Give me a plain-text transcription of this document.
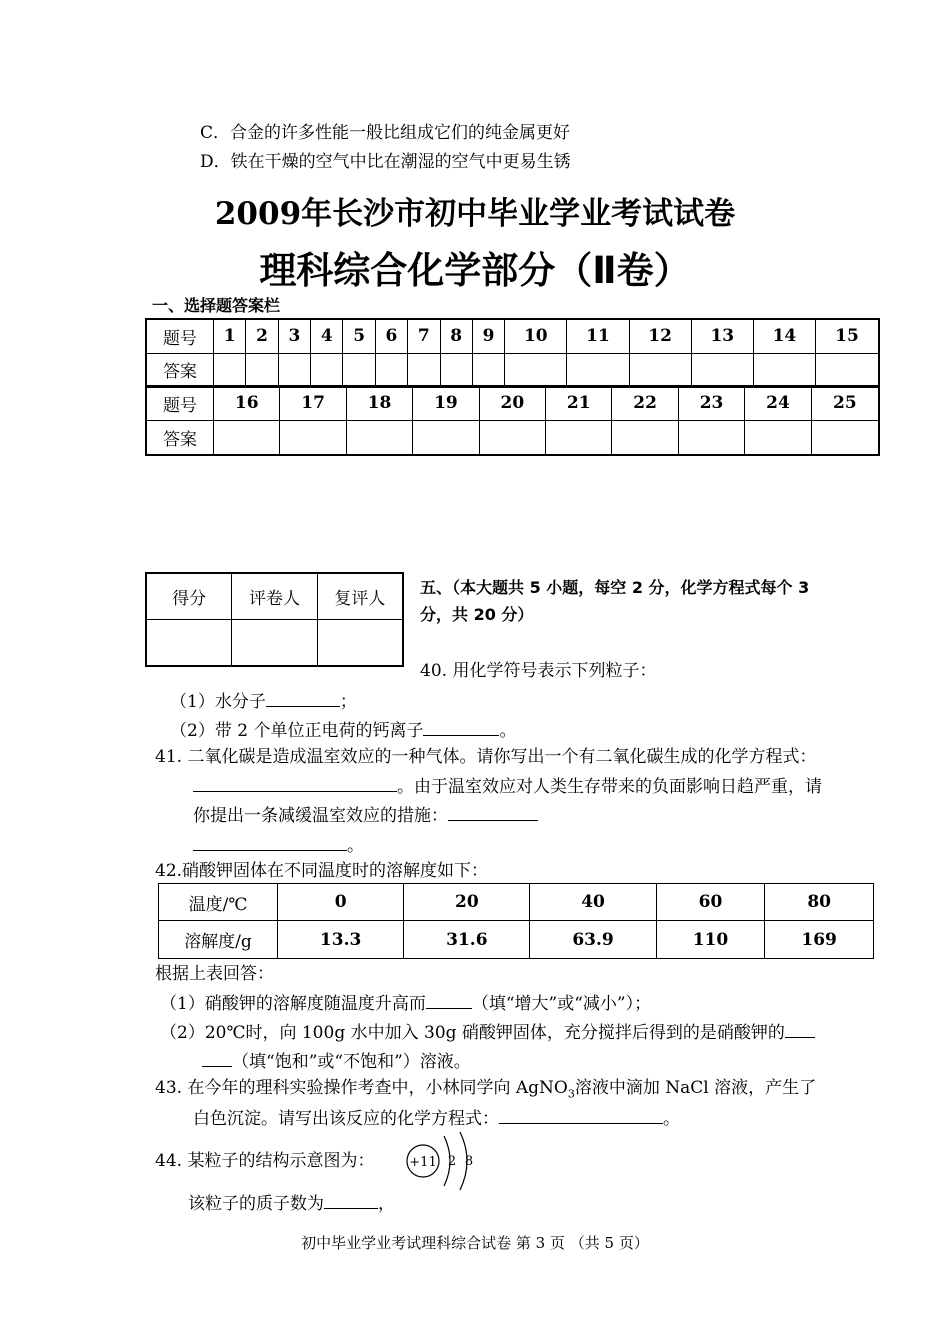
C．合金的许多性能一般比组成它们的纯金属更好
D．铁在干燥的空气中比在潮湿的空气中更易生锈
2009年长沙市初中毕业学业考试试卷
理科综合化学部分（Ⅱ卷）
一、选择题答案栏
题号	1	2	3	4	5	6	7	8	9	10	11	12	13	14	15
答案															
题号	16	17	18	19	20	21	22	23	24	25
答案										
得分	评卷人	复评人

五、（本大题共 5 小题，每空 2 分，化学方程式每个 3
分，共 20 分）
40. 用化学符号表示下列粒子：
（1）水分子	；
（2）带 2 个单位正电荷的钙离子	。
41. 二氧化碳是造成温室效应的一种气体。请你写出一个有二氧化碳生成的化学方程式：
。由于温室效应对人类生存带来的负面影响日趋严重，请
你提出一条减缓温室效应的措施：
。
42.硝酸钾固体在不同温度时的溶解度如下：
温度/℃	0	20	40	60	80
溶解度/g	13.3	31.6	63.9	110	169
根据上表回答：
（1）硝酸钾的溶解度随温度升高而	（填“增大”或“减小”）；
（2）20℃时，向 100g 水中加入 30g 硝酸钾固体，充分搅拌后得到的是硝酸钾的
（填“饱和”或“不饱和”）溶液。
43. 在今年的理科实验操作考查中，小林同学向 AgNO$_3$溶液中滴加 NaCl 溶液，产生了
白色沉淀。请写出该反应的化学方程式：	。
44. 某粒子的结构示意图为：	+11 2 8
该粒子的质子数为	，
初中毕业学业考试理科综合试卷 第 3 页 （共 5 页）
